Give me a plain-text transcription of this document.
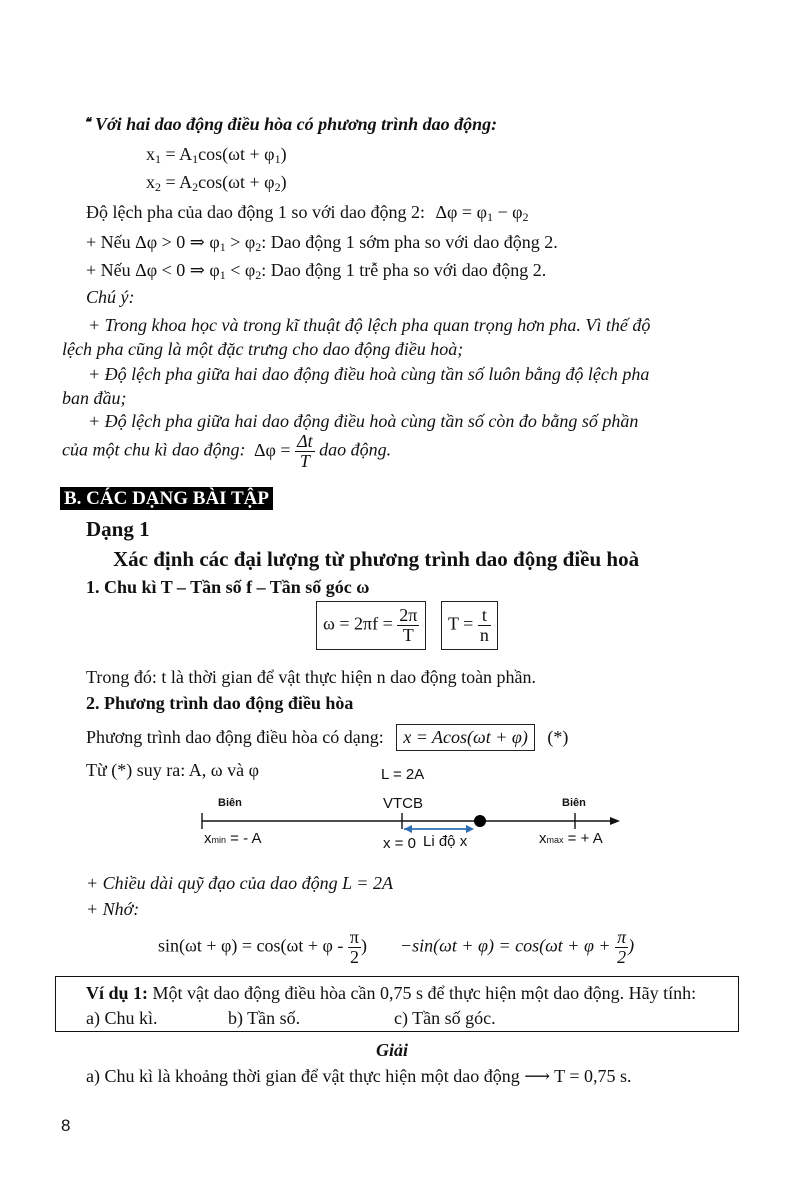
❝ Với hai dao động điều hòa có phương trình dao động:
$x_1 = A_1\cos(\omega t + \varphi_1)$
$x_2 = A_2\cos(\omega t + \varphi_2)$
Độ lệch pha của dao động 1 so với dao động 2: $\Delta\varphi = \varphi_1 - \varphi_2$
+ Nếu Δφ > 0 ⇒ $\varphi_1 > \varphi_2$: Dao động 1 sớm pha so với dao động 2.
+ Nếu Δφ < 0 ⇒ $\varphi_1 < \varphi_2$: Dao động 1 trễ pha so với dao động 2.
Chú ý:
+ Trong khoa học và trong kĩ thuật độ lệch pha quan trọng hơn pha. Vì thế độ
lệch pha cũng là một đặc trưng cho dao động điều hoà;
+ Độ lệch pha giữa hai dao động điều hoà cùng tần số luôn bằng độ lệch pha
ban đầu;
+ Độ lệch pha giữa hai dao động điều hoà cùng tần số còn đo bằng số phần
của một chu kì dao động: $\Delta\varphi = \frac{\Delta t}{T}$ dao động.
B. CÁC DẠNG BÀI TẬP
Dạng 1
Xác định các đại lượng từ phương trình dao động điều hoà
1. Chu kì T – Tần số f – Tần số góc ω
$\omega = 2\pi f = \frac{2\pi}{T}$	$T = \frac{t}{n}$
Trong đó: t là thời gian để vật thực hiện n dao động toàn phần.
2. Phương trình dao động điều hòa
Phương trình dao động điều hòa có dạng: x = Acos(ωt + φ) (*)
Từ (*) suy ra: A, ω và φ	L = 2A
Biên	VTCB	Biên
xmin = - A	x = 0 Li độ x	xmax = + A
+ Chiều dài quỹ đạo của dao động L = 2A
+ Nhớ:
$\sin(\omega t + \varphi) = \cos(\omega t + \varphi - \frac{\pi}{2}$ ) $-\sin(\omega t + \varphi) = \cos(\omega t + \varphi + \frac{\pi}{2}$ )
Ví dụ 1: Một vật dao động điều hòa cần 0,75 s để thực hiện một dao động. Hãy tính:
a) Chu kì.	b) Tần số.	c) Tần số góc.
Giải
a) Chu kì là khoảng thời gian để vật thực hiện một dao động ⟶ T = 0,75 s.
8
